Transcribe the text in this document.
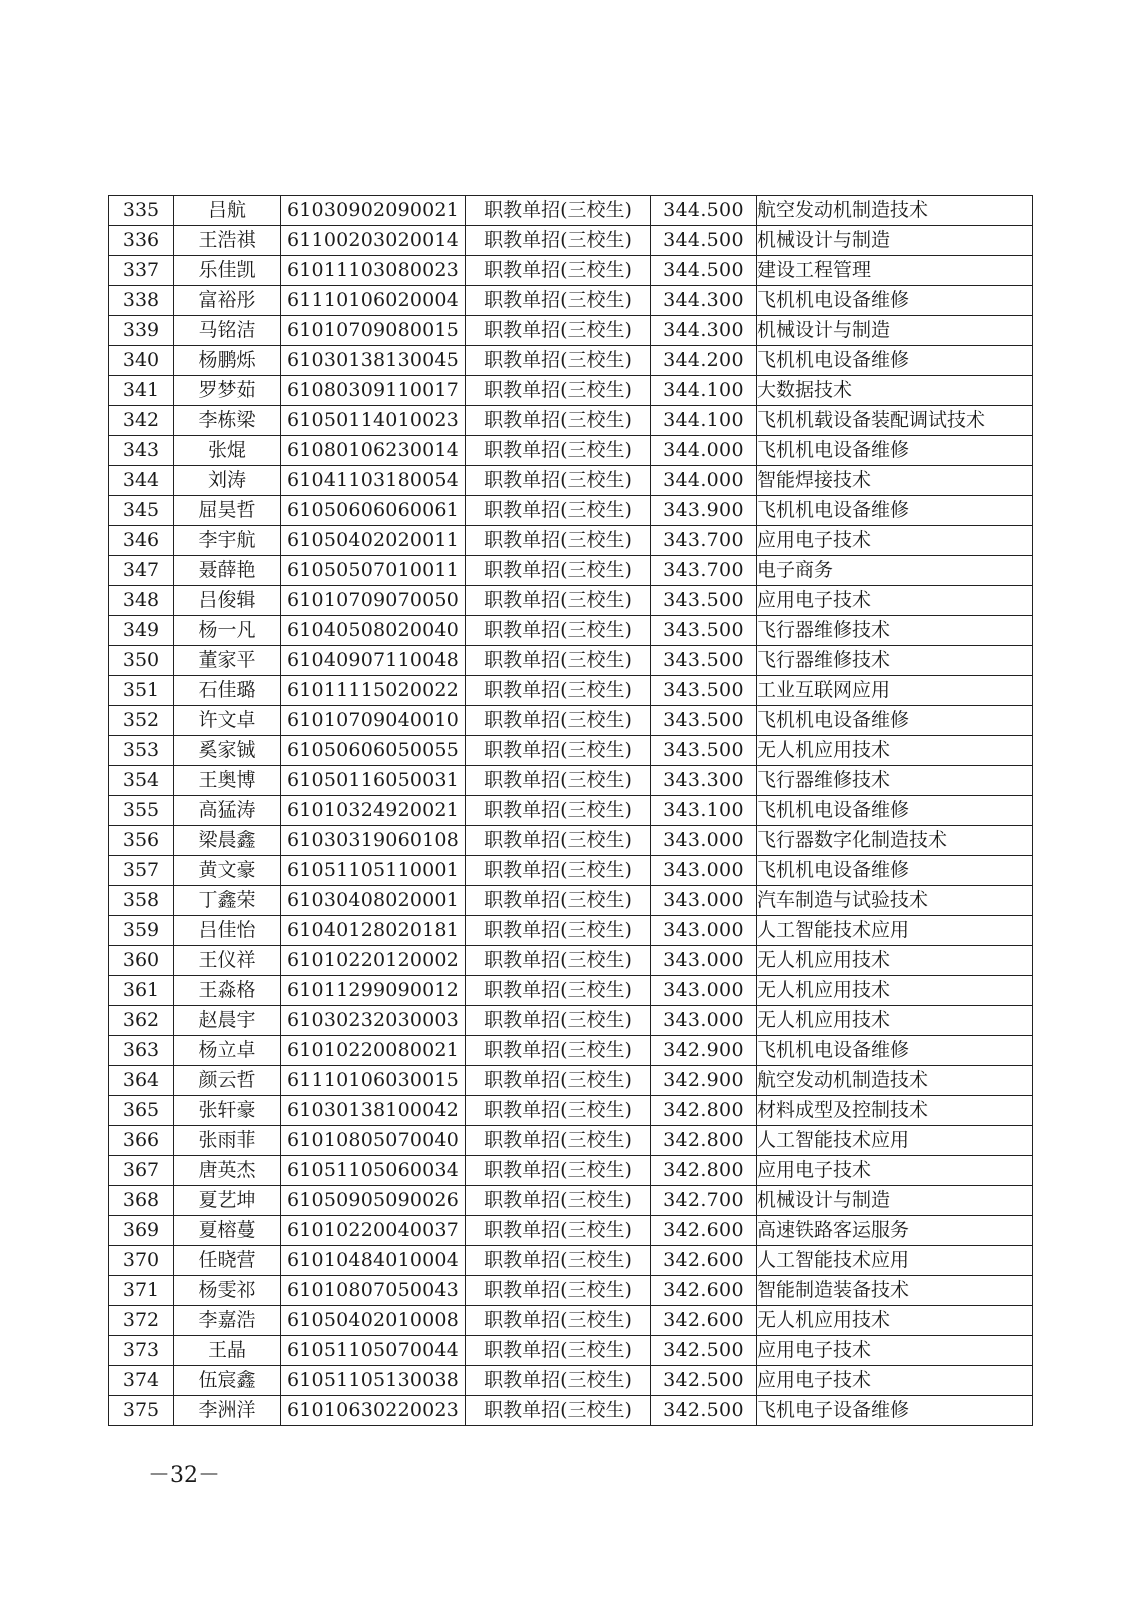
335	吕航	61030902090021	职教单招(三校生)	344.500	航空发动机制造技术
336	王浩祺	61100203020014	职教单招(三校生)	344.500	机械设计与制造
337	乐佳凯	61011103080023	职教单招(三校生)	344.500	建设工程管理
338	富裕彤	61110106020004	职教单招(三校生)	344.300	飞机机电设备维修
339	马铭洁	61010709080015	职教单招(三校生)	344.300	机械设计与制造
340	杨鹏烁	61030138130045	职教单招(三校生)	344.200	飞机机电设备维修
341	罗梦茹	61080309110017	职教单招(三校生)	344.100	大数据技术
342	李栋梁	61050114010023	职教单招(三校生)	344.100	飞机机载设备装配调试技术
343	张焜	61080106230014	职教单招(三校生)	344.000	飞机机电设备维修
344	刘涛	61041103180054	职教单招(三校生)	344.000	智能焊接技术
345	屈昊哲	61050606060061	职教单招(三校生)	343.900	飞机机电设备维修
346	李宇航	61050402020011	职教单招(三校生)	343.700	应用电子技术
347	聂薛艳	61050507010011	职教单招(三校生)	343.700	电子商务
348	吕俊辑	61010709070050	职教单招(三校生)	343.500	应用电子技术
349	杨一凡	61040508020040	职教单招(三校生)	343.500	飞行器维修技术
350	董家平	61040907110048	职教单招(三校生)	343.500	飞行器维修技术
351	石佳璐	61011115020022	职教单招(三校生)	343.500	工业互联网应用
352	许文卓	61010709040010	职教单招(三校生)	343.500	飞机机电设备维修
353	奚家铖	61050606050055	职教单招(三校生)	343.500	无人机应用技术
354	王奥博	61050116050031	职教单招(三校生)	343.300	飞行器维修技术
355	高猛涛	61010324920021	职教单招(三校生)	343.100	飞机机电设备维修
356	梁晨鑫	61030319060108	职教单招(三校生)	343.000	飞行器数字化制造技术
357	黄文豪	61051105110001	职教单招(三校生)	343.000	飞机机电设备维修
358	丁鑫荣	61030408020001	职教单招(三校生)	343.000	汽车制造与试验技术
359	吕佳怡	61040128020181	职教单招(三校生)	343.000	人工智能技术应用
360	王仪祥	61010220120002	职教单招(三校生)	343.000	无人机应用技术
361	王淼格	61011299090012	职教单招(三校生)	343.000	无人机应用技术
362	赵晨宇	61030232030003	职教单招(三校生)	343.000	无人机应用技术
363	杨立卓	61010220080021	职教单招(三校生)	342.900	飞机机电设备维修
364	颜云哲	61110106030015	职教单招(三校生)	342.900	航空发动机制造技术
365	张轩豪	61030138100042	职教单招(三校生)	342.800	材料成型及控制技术
366	张雨菲	61010805070040	职教单招(三校生)	342.800	人工智能技术应用
367	唐英杰	61051105060034	职教单招(三校生)	342.800	应用电子技术
368	夏艺坤	61050905090026	职教单招(三校生)	342.700	机械设计与制造
369	夏榕蔓	61010220040037	职教单招(三校生)	342.600	高速铁路客运服务
370	任晓营	61010484010004	职教单招(三校生)	342.600	人工智能技术应用
371	杨雯祁	61010807050043	职教单招(三校生)	342.600	智能制造装备技术
372	李嘉浩	61050402010008	职教单招(三校生)	342.600	无人机应用技术
373	王晶	61051105070044	职教单招(三校生)	342.500	应用电子技术
374	伍宸鑫	61051105130038	职教单招(三校生)	342.500	应用电子技术
375	李洲洋	61010630220023	职教单招(三校生)	342.500	飞机电子设备维修
－32－
